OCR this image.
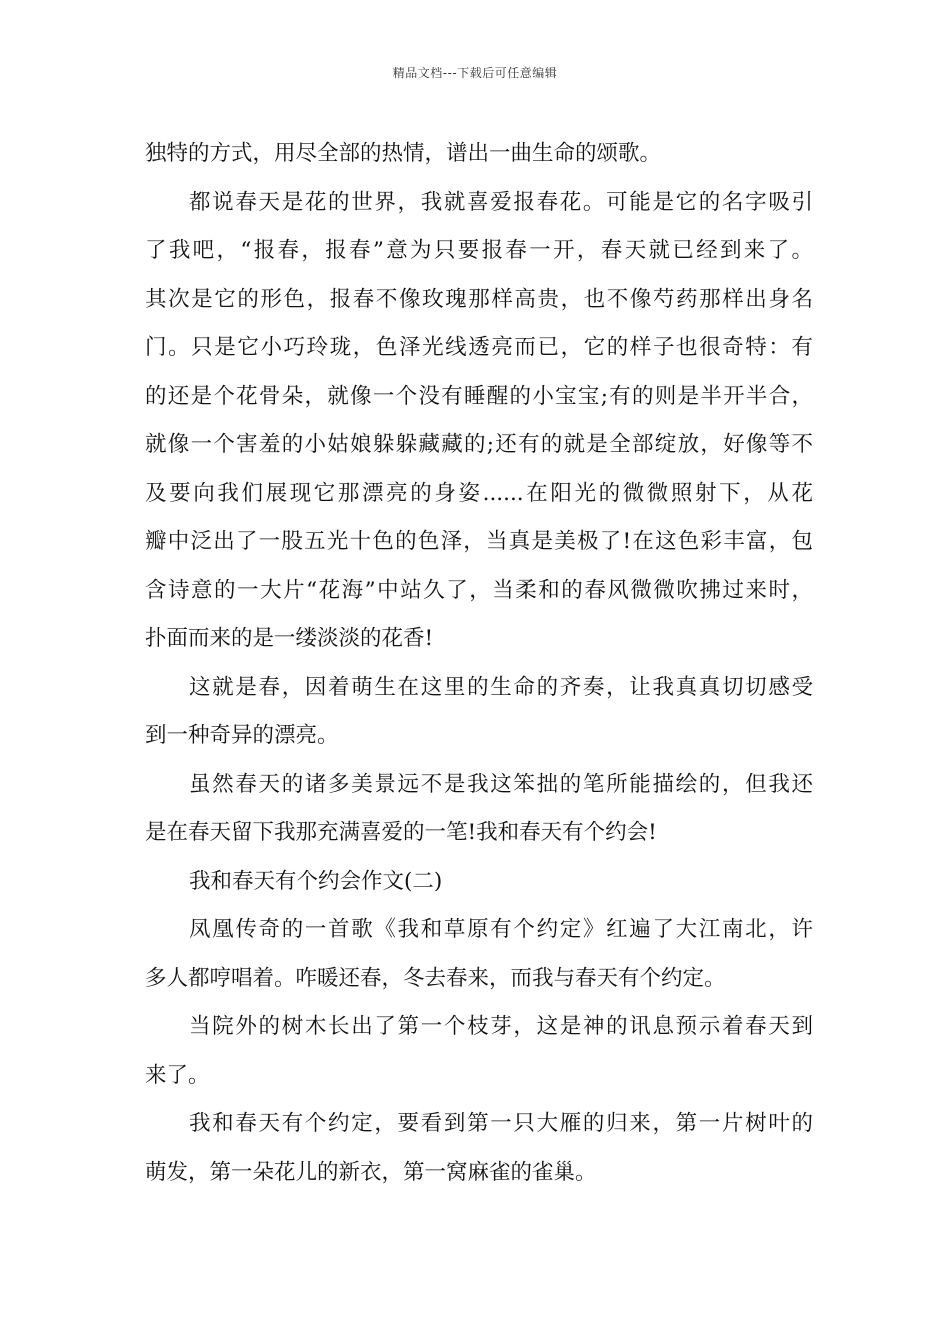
精品文档---下载后可任意编辑
独特的方式，用尽全部的热情，谱出一曲生命的颂歌。
都说春天是花的世界，我就喜爱报春花。可能是它的名字吸引
了我吧，“报春，报春”意为只要报春一开，春天就已经到来了。
其次是它的形色，报春不像玫瑰那样高贵，也不像芍药那样出身名
门。只是它小巧玲珑，色泽光线透亮而已，它的样子也很奇特：有
的还是个花骨朵，就像一个没有睡醒的小宝宝;有的则是半开半合，
就像一个害羞的小姑娘躲躲藏藏的;还有的就是全部绽放，好像等不
及要向我们展现它那漂亮的身姿......在阳光的微微照射下，从花
瓣中泛出了一股五光十色的色泽，当真是美极了!在这色彩丰富，包
含诗意的一大片“花海”中站久了，当柔和的春风微微吹拂过来时，
扑面而来的是一缕淡淡的花香!
这就是春，因着萌生在这里的生命的齐奏，让我真真切切感受
到一种奇异的漂亮。
虽然春天的诸多美景远不是我这笨拙的笔所能描绘的，但我还
是在春天留下我那充满喜爱的一笔!我和春天有个约会!
我和春天有个约会作文(二)
凤凰传奇的一首歌《我和草原有个约定》红遍了大江南北，许
多人都哼唱着。咋暖还春，冬去春来，而我与春天有个约定。
当院外的树木长出了第一个枝芽，这是神的讯息预示着春天到
来了。
我和春天有个约定，要看到第一只大雁的归来，第一片树叶的
萌发，第一朵花儿的新衣，第一窝麻雀的雀巢。
